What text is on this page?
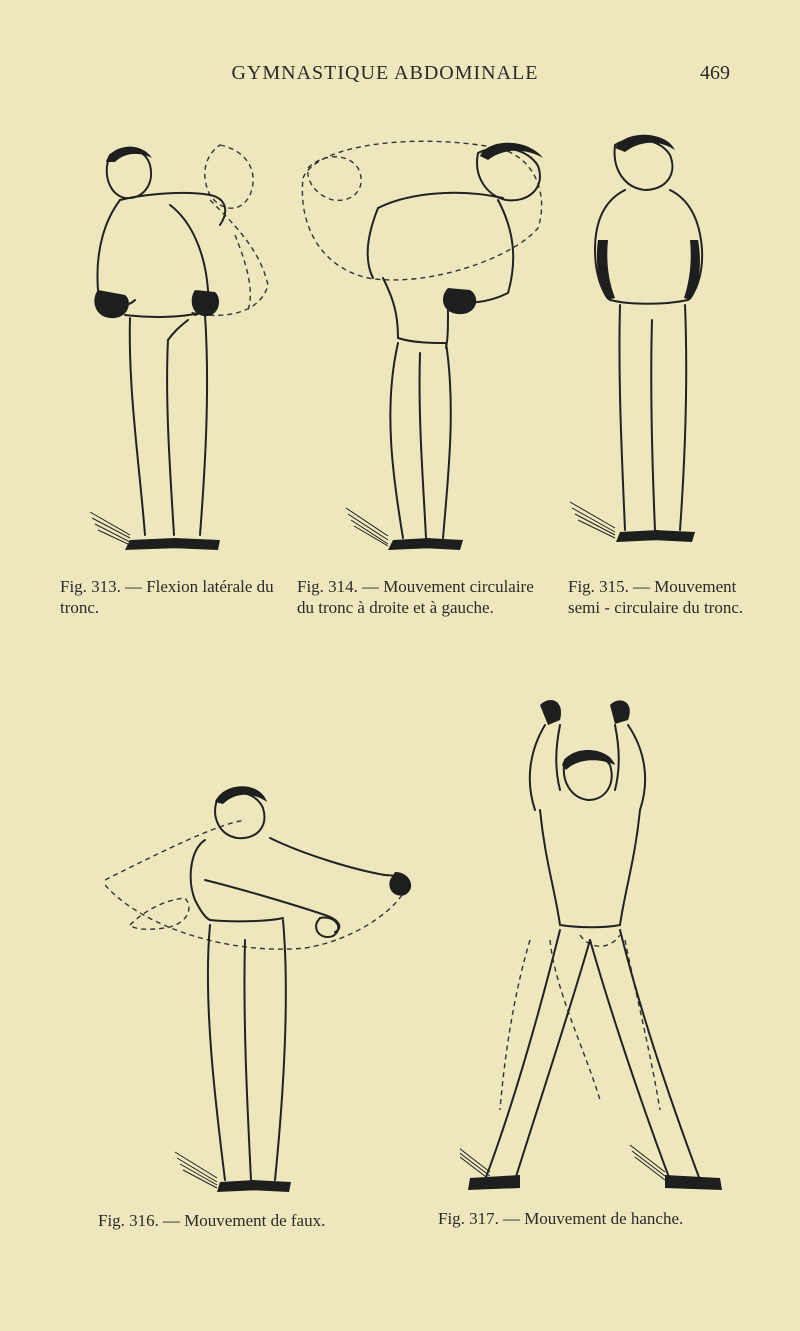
GYMNASTIQUE ABDOMINALE	469
Fig. 313. — Flexion latérale du tronc.
Fig. 314. — Mouvement circulaire du tronc à droite et à gauche.
Fig. 315. — Mouvement semi - circulaire du tronc.
Fig. 316. — Mouvement de faux.	Fig. 317. — Mouvement de hanche.
